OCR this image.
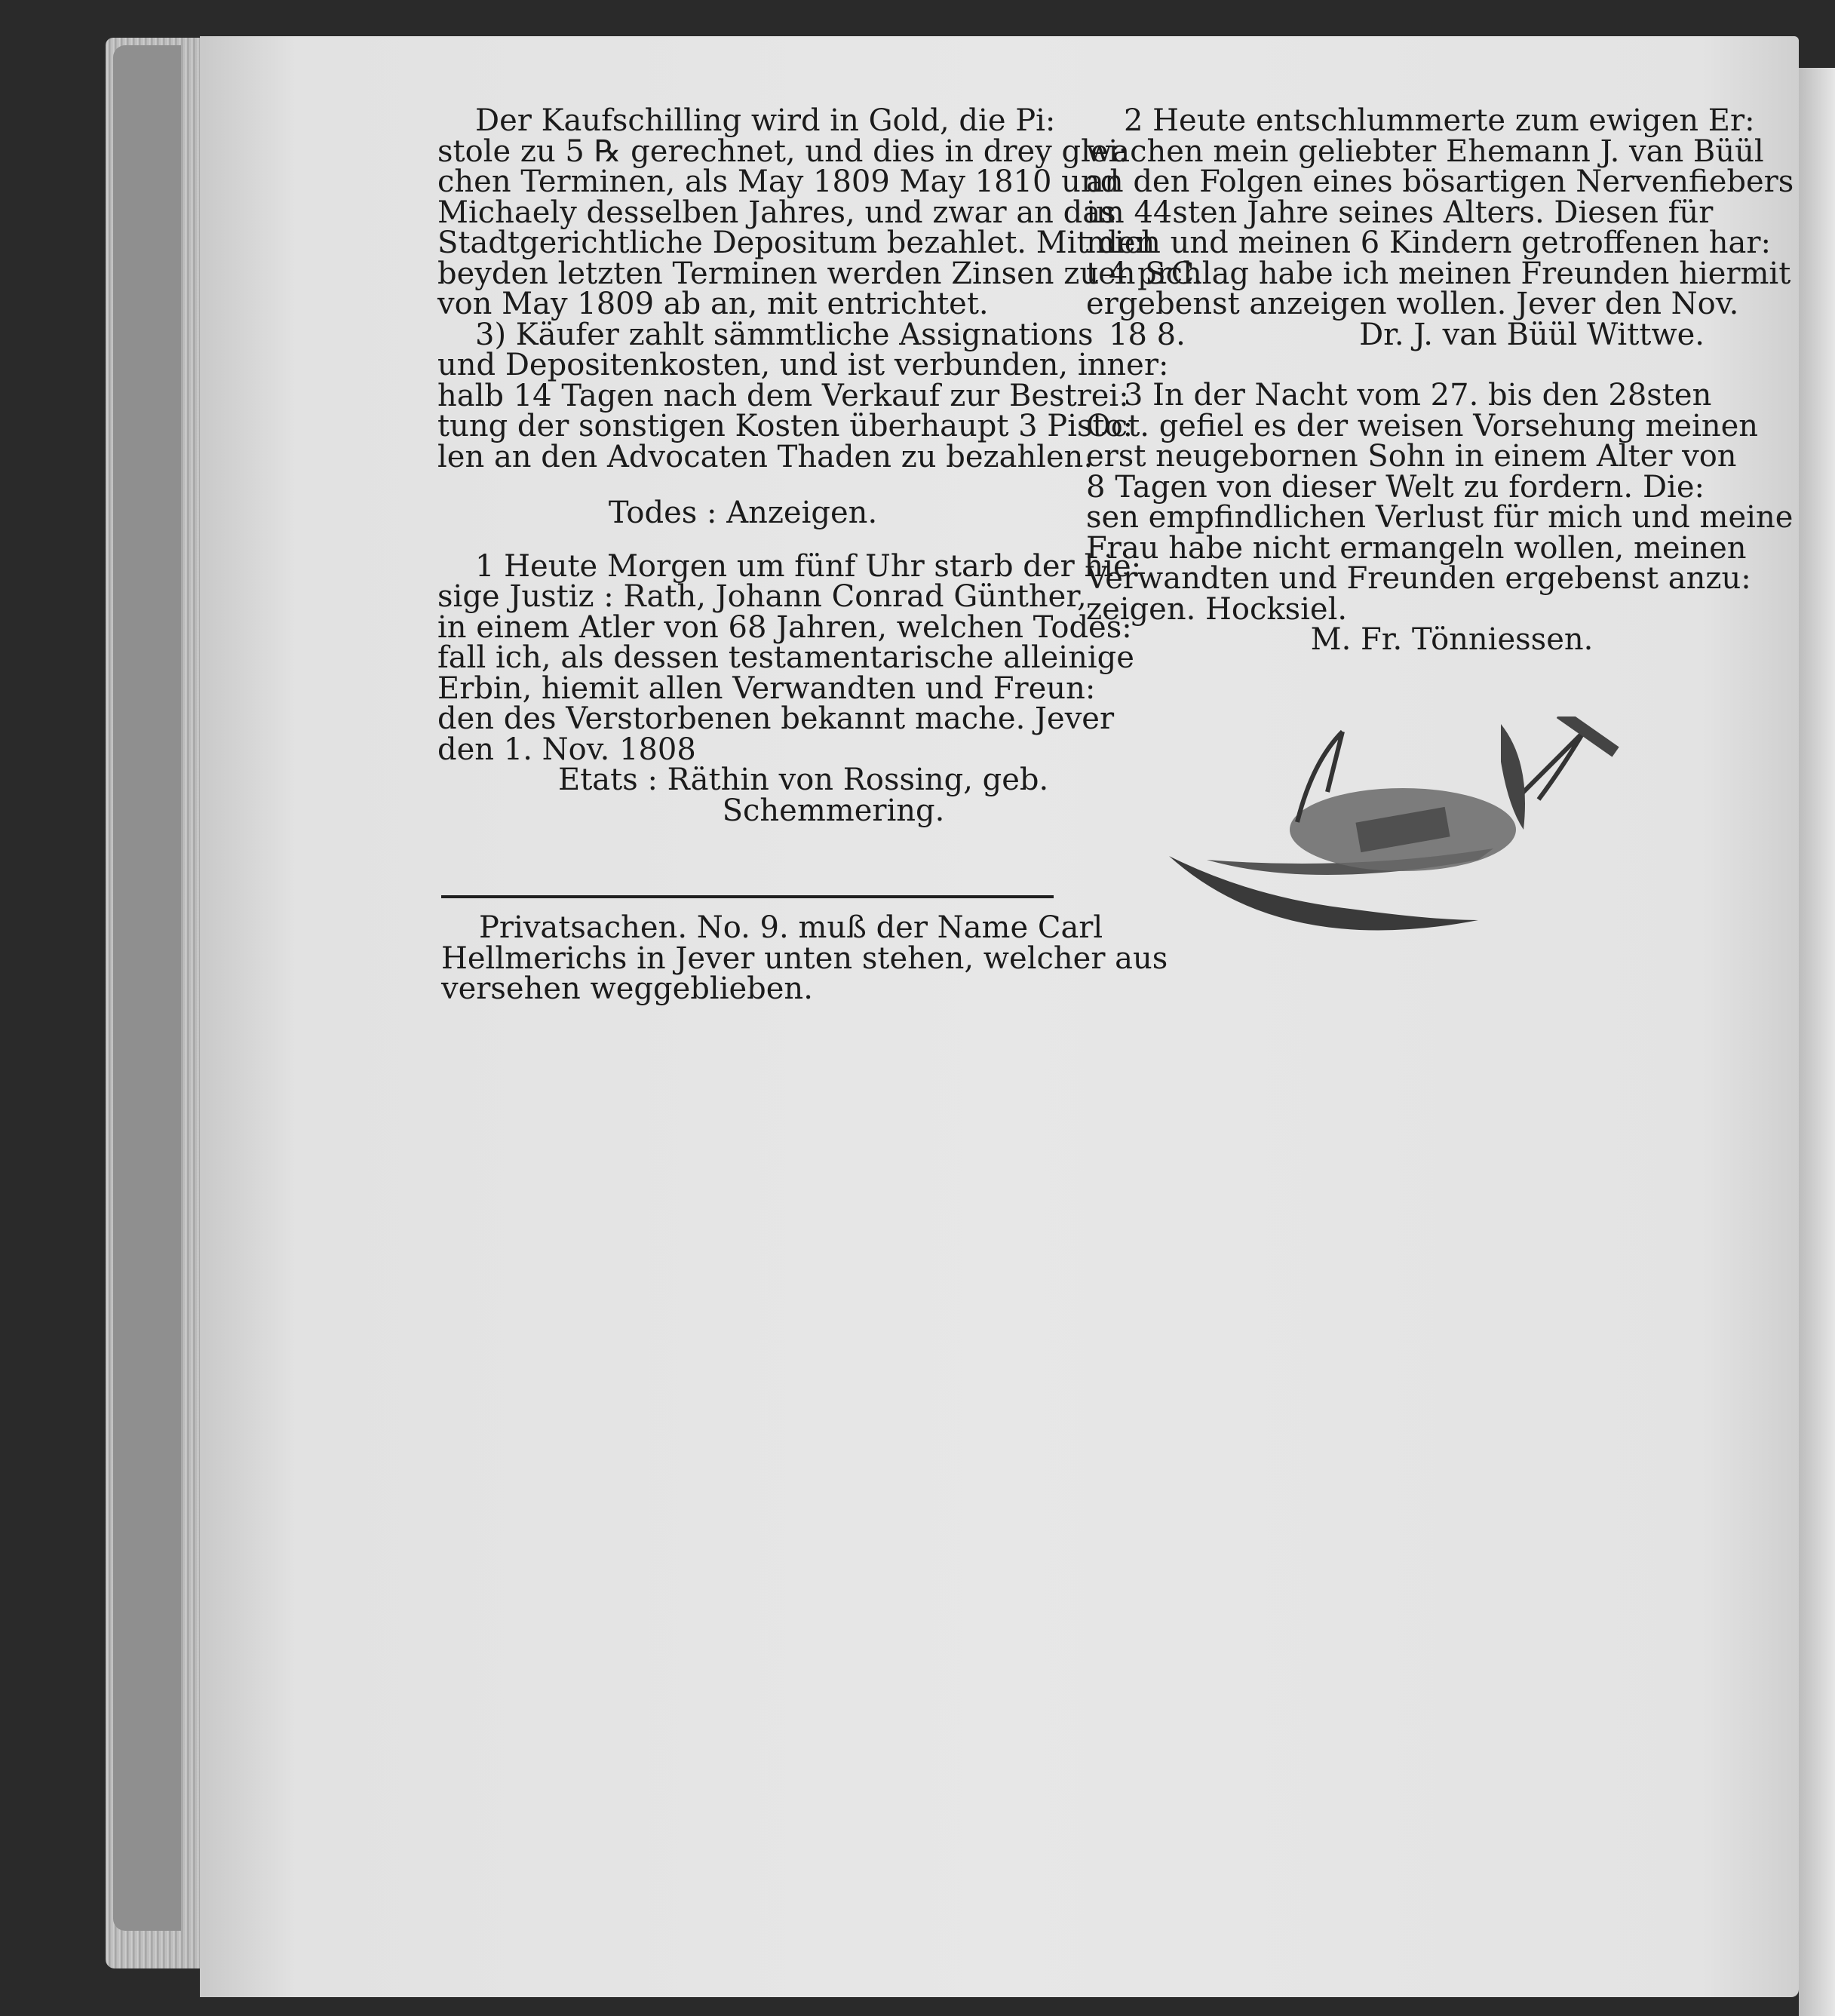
Der Kaufschilling wird in Gold, die Pi:
stole zu 5 ℞ gerechnet, und dies in drey glei:
chen Terminen, als May 1809 May 1810 und
Michaely desselben Jahres, und zwar an das
Stadtgerichtliche Depositum bezahlet. Mit den
beyden letzten Terminen werden Zinsen zu 4 prC.
von May 1809 ab an, mit entrichtet.
3) Käufer zahlt sämmtliche Assignations
und Depositenkosten, und ist verbunden, inner:
halb 14 Tagen nach dem Verkauf zur Bestrei:
tung der sonstigen Kosten überhaupt 3 Pisto:
len an den Advocaten Thaden zu bezahlen.
Todes : Anzeigen.
1 Heute Morgen um fünf Uhr starb der hie:
sige Justiz : Rath, Johann Conrad Günther,
in einem Atler von 68 Jahren, welchen Todes:
fall ich, als dessen testamentarische alleinige
Erbin, hiemit allen Verwandten und Freun:
den des Verstorbenen bekannt mache. Jever
den 1. Nov. 1808
Etats : Räthin von Rossing, geb.
Schemmering.
Privatsachen. No. 9. muß der Name Carl
Hellmerichs in Jever unten stehen, welcher aus
versehen weggeblieben.
2 Heute entschlummerte zum ewigen Er:
wachen mein geliebter Ehemann J. van Büül
an den Folgen eines bösartigen Nervenfiebers
im 44sten Jahre seines Alters. Diesen für
mich und meinen 6 Kindern getroffenen har:
ten Schlag habe ich meinen Freunden hiermit
ergebenst anzeigen wollen. Jever den Nov.
18 8.	Dr. J. van Büül Wittwe.
3 In der Nacht vom 27. bis den 28sten
Oct. gefiel es der weisen Vorsehung meinen
erst neugebornen Sohn in einem Alter von
8 Tagen von dieser Welt zu fordern. Die:
sen empfindlichen Verlust für mich und meine
Frau habe nicht ermangeln wollen, meinen
Verwandten und Freunden ergebenst anzu:
zeigen. Hocksiel.
M. Fr. Tönniessen.
